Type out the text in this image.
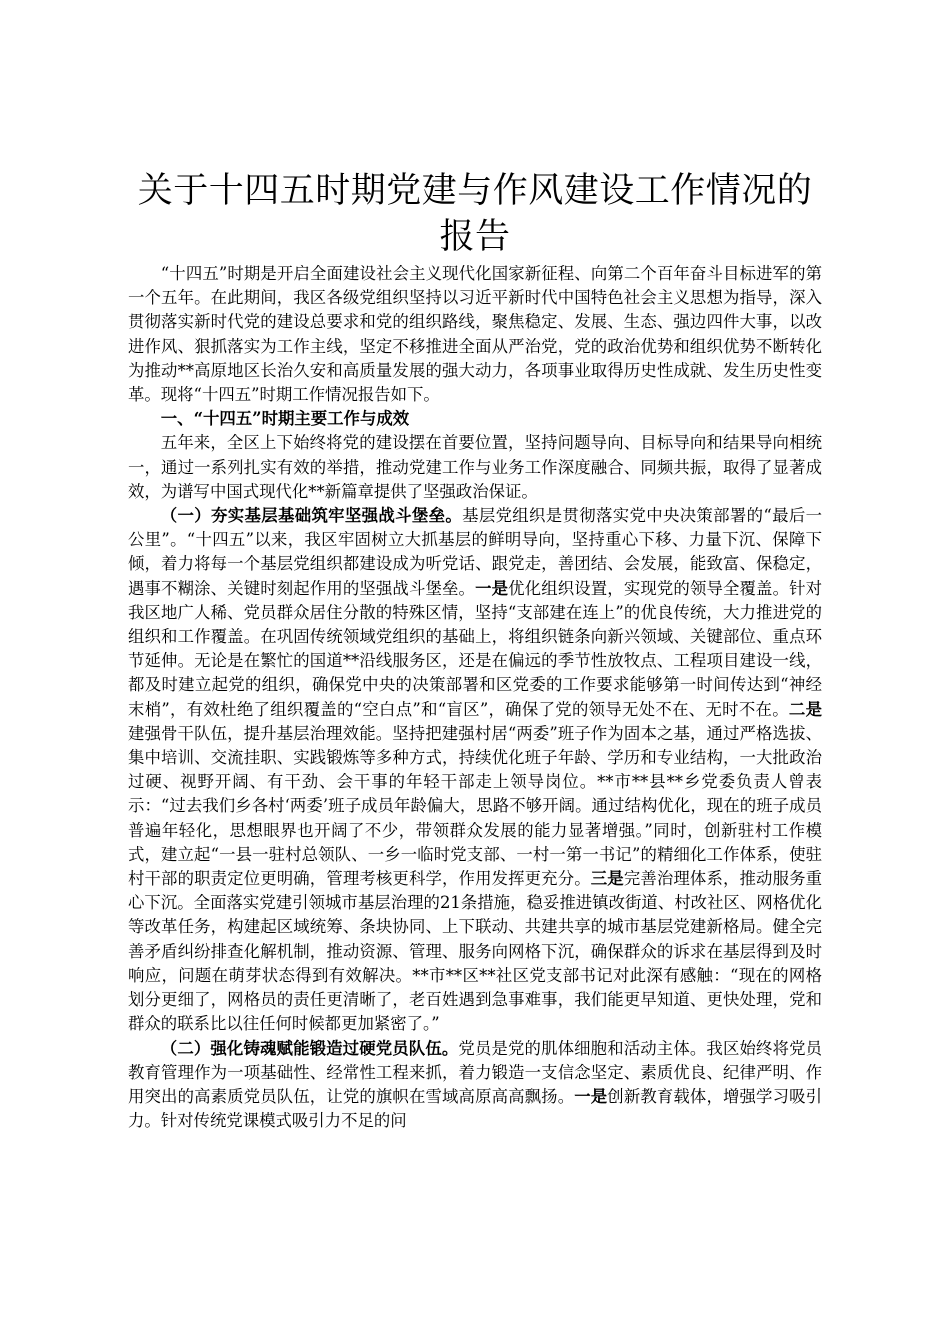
关于十四五时期党建与作风建设工作情况的报告

“十四五”时期是开启全面建设社会主义现代化国家新征程、向第二个百年奋斗目标进军的第一个五年。在此期间，我区各级党组织坚持以习近平新时代中国特色社会主义思想为指导，深入贯彻落实新时代党的建设总要求和党的组织路线，聚焦稳定、发展、生态、强边四件大事，以改进作风、狠抓落实为工作主线，坚定不移推进全面从严治党，党的政治优势和组织优势不断转化为推动**高原地区长治久安和高质量发展的强大动力，各项事业取得历史性成就、发生历史性变革。现将“十四五”时期工作情况报告如下。

一、“十四五”时期主要工作与成效

五年来，全区上下始终将党的建设摆在首要位置，坚持问题导向、目标导向和结果导向相统一，通过一系列扎实有效的举措，推动党建工作与业务工作深度融合、同频共振，取得了显著成效，为谱写中国式现代化**新篇章提供了坚强政治保证。

（一）夯实基层基础筑牢坚强战斗堡垒。基层党组织是贯彻落实党中央决策部署的“最后一公里”。“十四五”以来，我区牢固树立大抓基层的鲜明导向，坚持重心下移、力量下沉、保障下倾，着力将每一个基层党组织都建设成为听党话、跟党走，善团结、会发展，能致富、保稳定，遇事不糊涂、关键时刻起作用的坚强战斗堡垒。一是优化组织设置，实现党的领导全覆盖。针对我区地广人稀、党员群众居住分散的特殊区情，坚持“支部建在连上”的优良传统，大力推进党的组织和工作覆盖。在巩固传统领域党组织的基础上，将组织链条向新兴领域、关键部位、重点环节延伸。无论是在繁忙的国道**沿线服务区，还是在偏远的季节性放牧点、工程项目建设一线，都及时建立起党的组织，确保党中央的决策部署和区党委的工作要求能够第一时间传达到“神经末梢”，有效杜绝了组织覆盖的“空白点”和“盲区”，确保了党的领导无处不在、无时不在。二是建强骨干队伍，提升基层治理效能。坚持把建强村居“两委”班子作为固本之基，通过严格选拔、集中培训、交流挂职、实践锻炼等多种方式，持续优化班子年龄、学历和专业结构，一大批政治过硬、视野开阔、有干劲、会干事的年轻干部走上领导岗位。**市**县**乡党委负责人曾表示：“过去我们乡各村‘两委’班子成员年龄偏大，思路不够开阔。通过结构优化，现在的班子成员普遍年轻化，思想眼界也开阔了不少，带领群众发展的能力显著增强。”同时，创新驻村工作模式，建立起“一县一驻村总领队、一乡一临时党支部、一村一第一书记”的精细化工作体系，使驻村干部的职责定位更明确，管理考核更科学，作用发挥更充分。三是完善治理体系，推动服务重心下沉。全面落实党建引领城市基层治理的21条措施，稳妥推进镇改街道、村改社区、网格优化等改革任务，构建起区域统筹、条块协同、上下联动、共建共享的城市基层党建新格局。健全完善矛盾纠纷排查化解机制，推动资源、管理、服务向网格下沉，确保群众的诉求在基层得到及时响应，问题在萌芽状态得到有效解决。**市**区**社区党支部书记对此深有感触：“现在的网格划分更细了，网格员的责任更清晰了，老百姓遇到急事难事，我们能更早知道、更快处理，党和群众的联系比以往任何时候都更加紧密了。”

（二）强化铸魂赋能锻造过硬党员队伍。党员是党的肌体细胞和活动主体。我区始终将党员教育管理作为一项基础性、经常性工程来抓，着力锻造一支信念坚定、素质优良、纪律严明、作用突出的高素质党员队伍，让党的旗帜在雪域高原高高飘扬。一是创新教育载体，增强学习吸引力。针对传统党课模式吸引力不足的问
